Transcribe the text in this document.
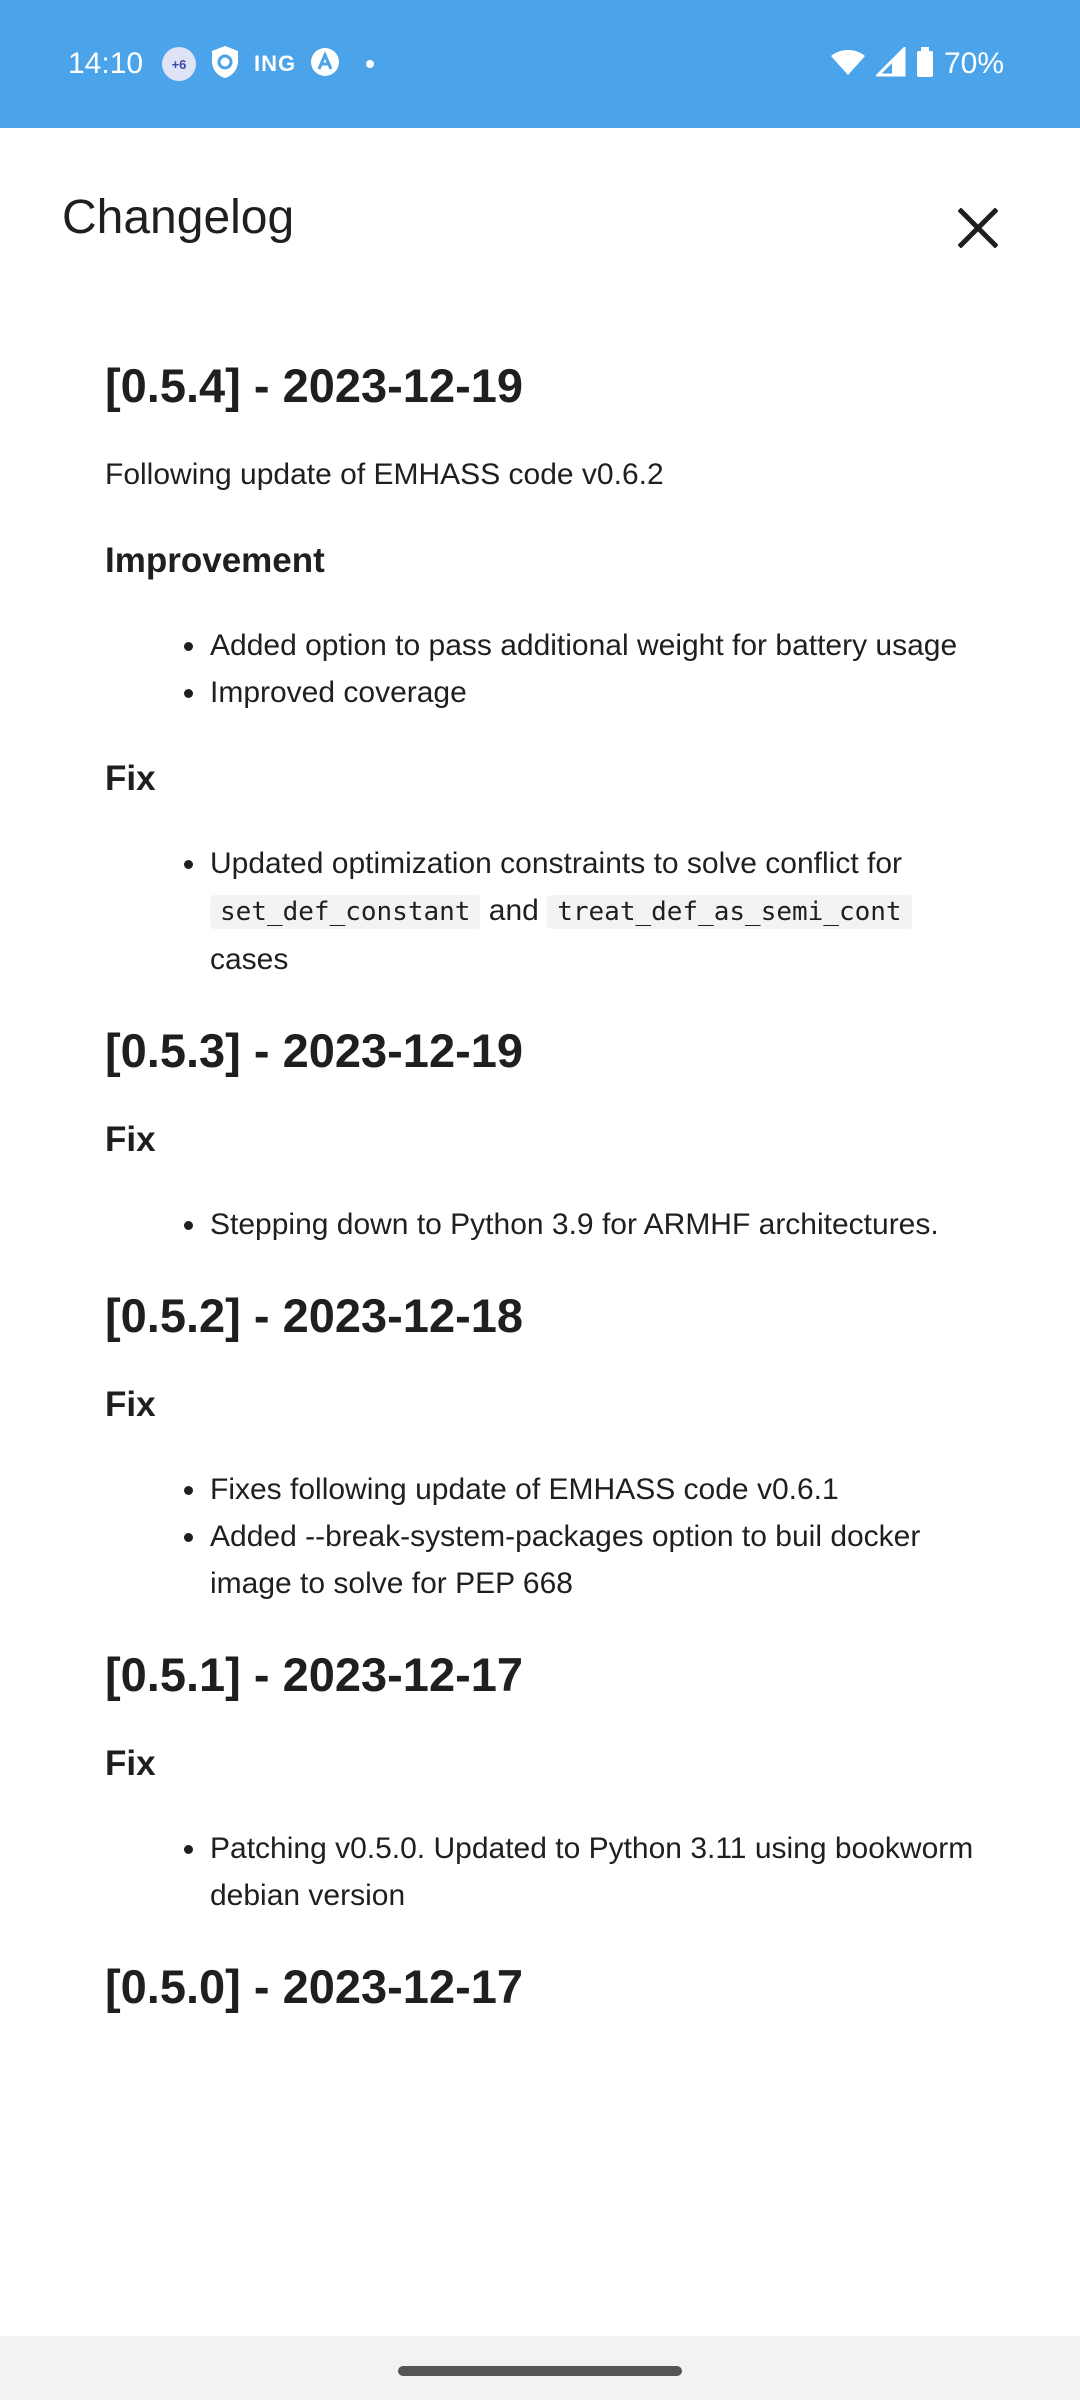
14:10	+6	ING	70%
Changelog
[0.5.4] - 2023-12-19

Following update of EMHASS code v0.6.2

Improvement
Added option to pass additional weight for battery usage
Improved coverage
Fix
Updated optimization constraints to solve conflict for set_def_constant and treat_def_as_semi_cont cases
[0.5.3] - 2023-12-19
Fix
Stepping down to Python 3.9 for ARMHF architectures.
[0.5.2] - 2023-12-18
Fix
Fixes following update of EMHASS code v0.6.1
Added --break-system-packages option to buil docker image to solve for PEP 668
[0.5.1] - 2023-12-17
Fix
Patching v0.5.0. Updated to Python 3.11 using bookworm debian version
[0.5.0] - 2023-12-17
